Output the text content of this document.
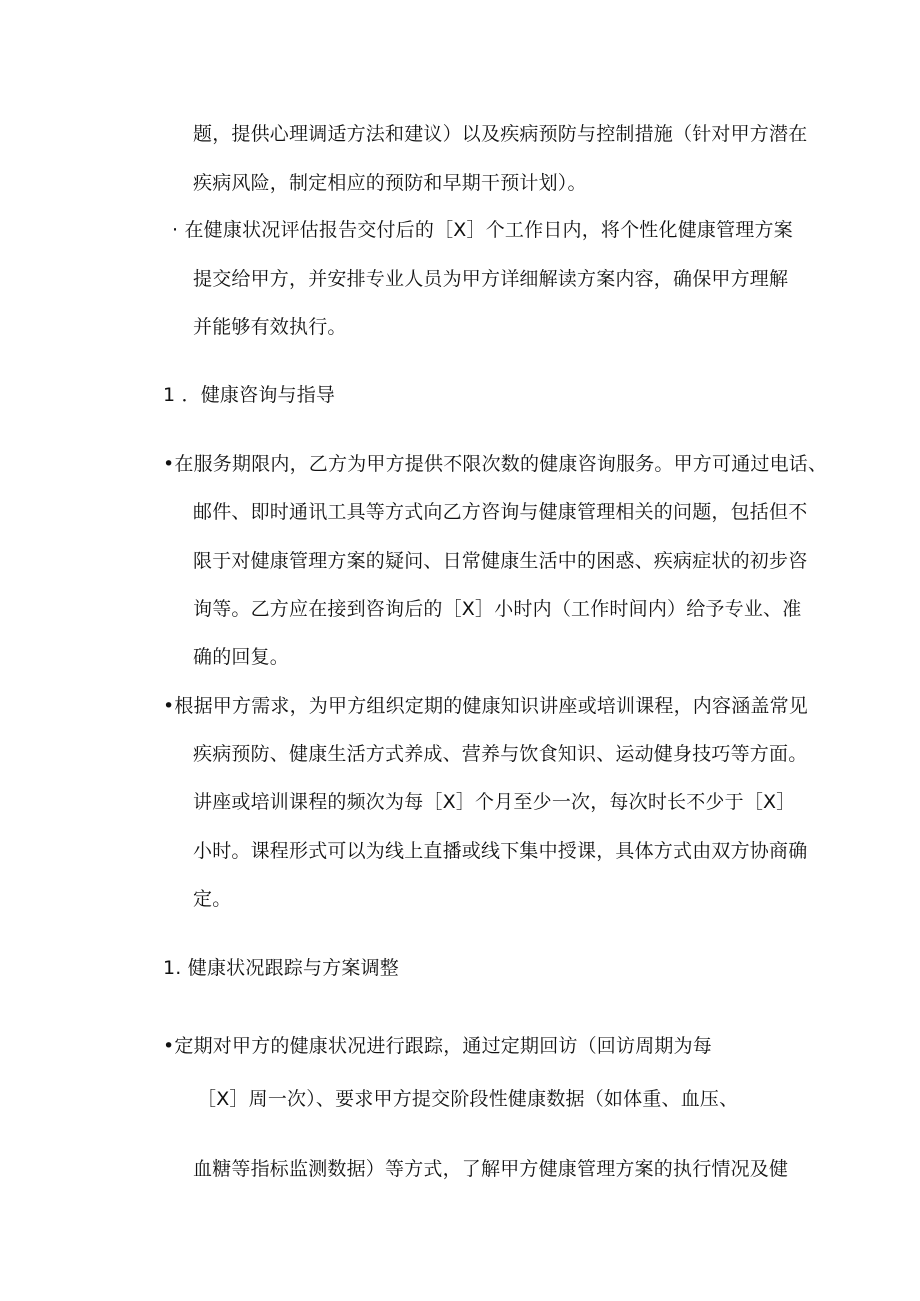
题，提供心理调适方法和建议）以及疾病预防与控制措施（针对甲方潜在
疾病风险，制定相应的预防和早期干预计划）。
· 在健康状况评估报告交付后的［X］个工作日内，将个性化健康管理方案
提交给甲方，并安排专业人员为甲方详细解读方案内容，确保甲方理解
并能够有效执行。
1 ．健康咨询与指导
•在服务期限内，乙方为甲方提供不限次数的健康咨询服务。甲方可通过电话、
邮件、即时通讯工具等方式向乙方咨询与健康管理相关的问题，包括但不
限于对健康管理方案的疑问、日常健康生活中的困惑、疾病症状的初步咨
询等。乙方应在接到咨询后的［X］小时内（工作时间内）给予专业、准
确的回复。
•根据甲方需求，为甲方组织定期的健康知识讲座或培训课程，内容涵盖常见
疾病预防、健康生活方式养成、营养与饮食知识、运动健身技巧等方面。
讲座或培训课程的频次为每［X］个月至少一次，每次时长不少于［X］
小时。课程形式可以为线上直播或线下集中授课，具体方式由双方协商确
定。
1. 健康状况跟踪与方案调整
•定期对甲方的健康状况进行跟踪，通过定期回访（回访周期为每
［X］周一次）、要求甲方提交阶段性健康数据（如体重、血压、
血糖等指标监测数据）等方式，了解甲方健康管理方案的执行情况及健
